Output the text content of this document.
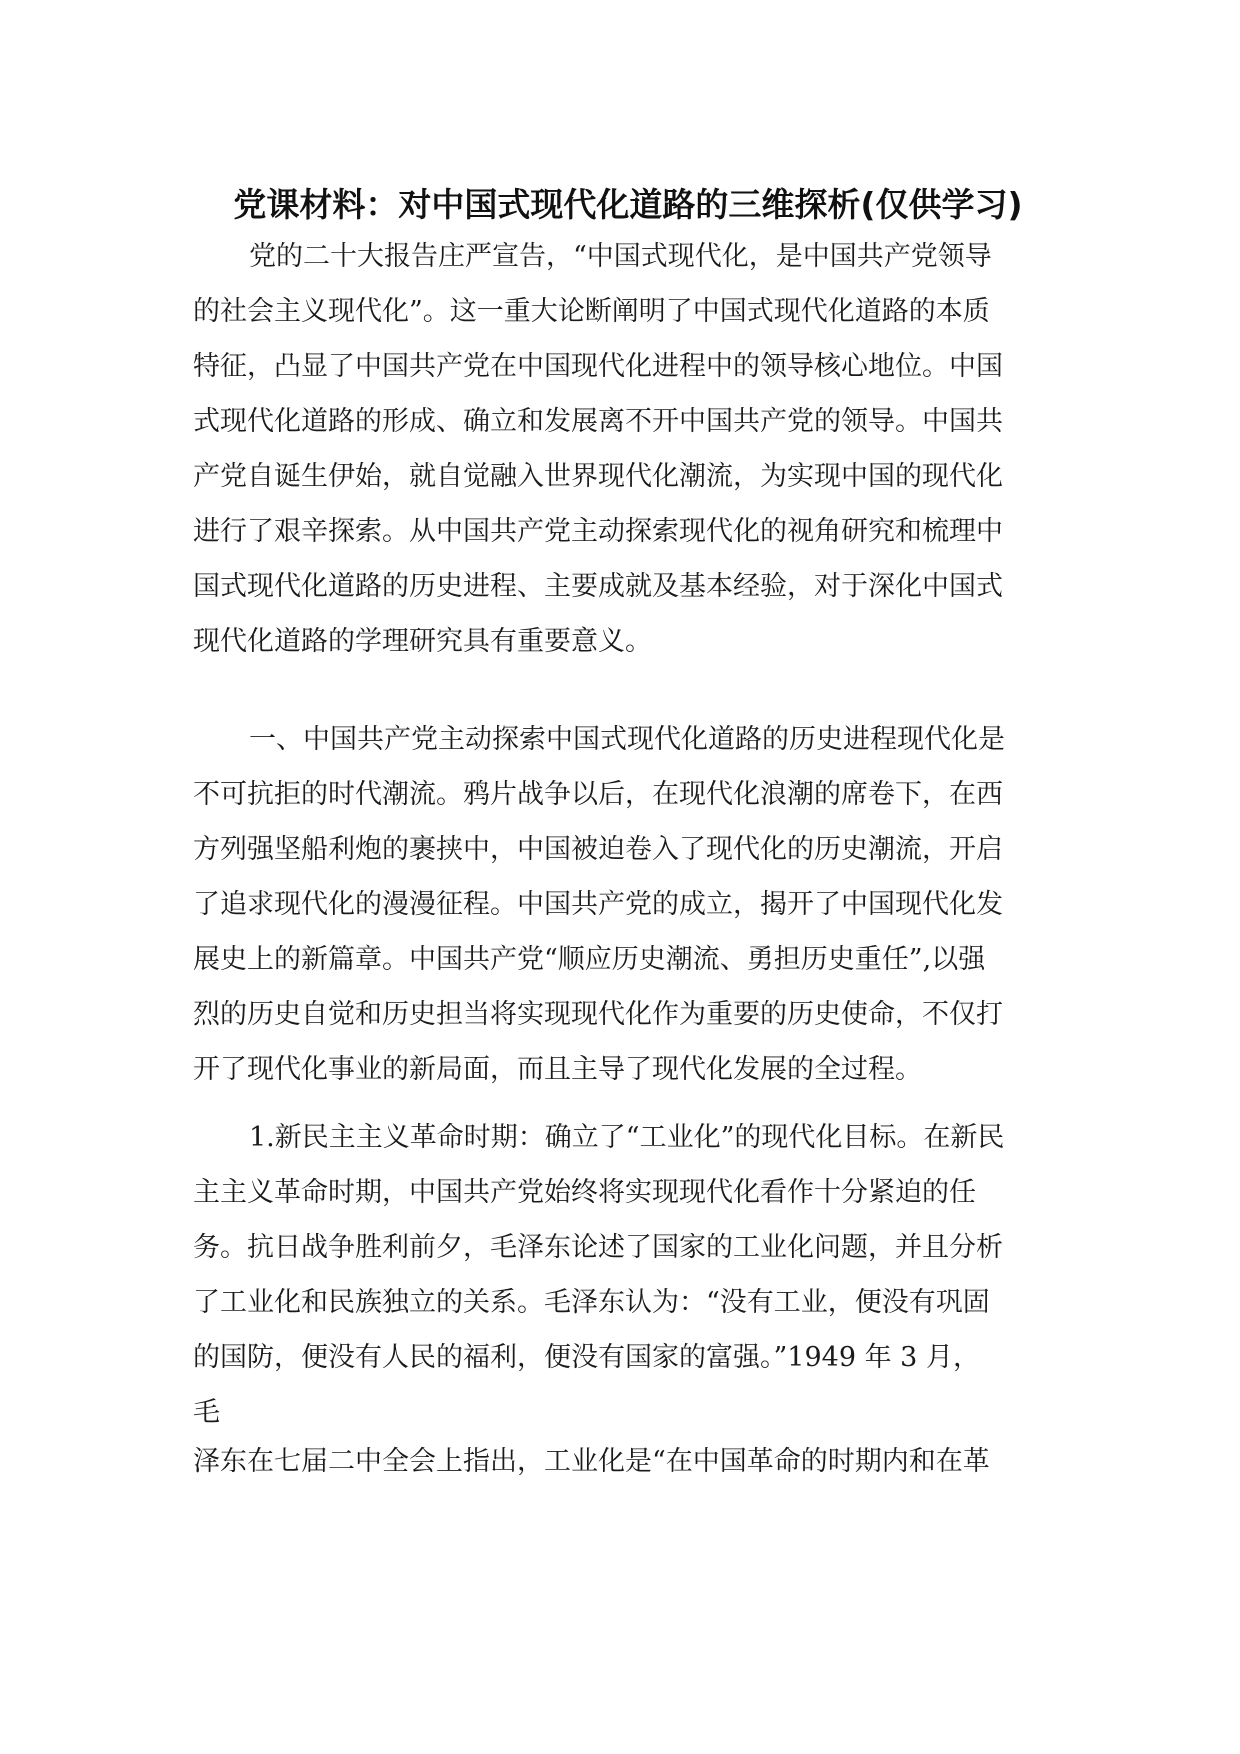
党课材料：对中国式现代化道路的三维探析(仅供学习)
党的二十大报告庄严宣告，“中国式现代化，是中国共产党领导
的社会主义现代化”。这一重大论断阐明了中国式现代化道路的本质
特征，凸显了中国共产党在中国现代化进程中的领导核心地位。中国
式现代化道路的形成、确立和发展离不开中国共产党的领导。中国共
产党自诞生伊始，就自觉融入世界现代化潮流，为实现中国的现代化
进行了艰辛探索。从中国共产党主动探索现代化的视角研究和梳理中
国式现代化道路的历史进程、主要成就及基本经验，对于深化中国式
现代化道路的学理研究具有重要意义。
一、中国共产党主动探索中国式现代化道路的历史进程现代化是
不可抗拒的时代潮流。鸦片战争以后，在现代化浪潮的席卷下，在西
方列强坚船利炮的裹挟中，中国被迫卷入了现代化的历史潮流，开启
了追求现代化的漫漫征程。中国共产党的成立，揭开了中国现代化发
展史上的新篇章。中国共产党“顺应历史潮流、勇担历史重任”,以强
烈的历史自觉和历史担当将实现现代化作为重要的历史使命，不仅打
开了现代化事业的新局面，而且主导了现代化发展的全过程。
1.新民主主义革命时期：确立了“工业化”的现代化目标。在新民
主主义革命时期，中国共产党始终将实现现代化看作十分紧迫的任
务。抗日战争胜利前夕，毛泽东论述了国家的工业化问题，并且分析
了工业化和民族独立的关系。毛泽东认为：“没有工业，便没有巩固
的国防，便没有人民的福利，便没有国家的富强。”1949 年 3 月，
毛
泽东在七届二中全会上指出，工业化是“在中国革命的时期内和在革
